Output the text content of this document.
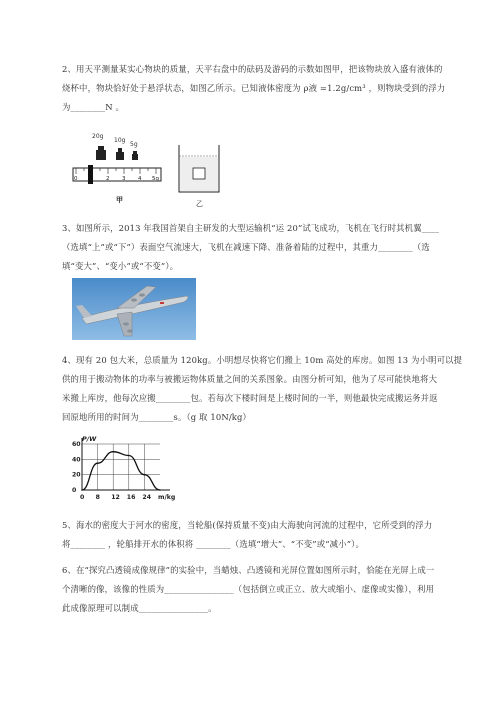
2、用天平测量某实心物块的质量，天平右盘中的砝码及游码的示数如图甲，把该物块放入盛有液体的
烧杯中，物块恰好处于悬浮状态，如图乙所示。已知液体密度为 ρ液 =1.2g/cm³ ，则物块受到的浮力
为________N 。
20g
10g
5g
0	2 3 4 5g
甲	乙
3、如图所示，2013 年我国首架自主研发的大型运输机“运 20”试飞成功，飞机在飞行时其机翼____
（选填“上”或“下”）表面空气流速大，飞机在减速下降、准备着陆的过程中，其重力________（选
填“变大”、“变小”或“不变”）。
4、现有 20 包大米，总质量为 120kg。小明想尽快将它们搬上 10m 高处的库房。如图 13 为小明可以提
供的用于搬动物体的功率与被搬运物体质量之间的关系图象。由图分析可知，他为了尽可能快地将大
米搬上库房，他每次应搬________包。若每次下楼时间是上楼时间的一半，则他最快完成搬运务并返
回原地所用的时间为________s。（g 取 10N/kg）
P/W
0
20
40
60
0 8 12 16 24 m/kg
5、海水的密度大于河水的密度，当轮船(保持质量不变)由大海驶向河流的过程中，它所受到的浮力
将________ ，轮船排开水的体积将 ________（选填“增大”、“不变”或“减小”）。
6、在“探究凸透镜成像规律”的实验中，当蜡烛、凸透镜和光屏位置如图所示时，恰能在光屏上成一
个清晰的像，该像的性质为________________（包括倒立或正立、放大或缩小、虚像或实像），利用
此成像原理可以制成________________。
